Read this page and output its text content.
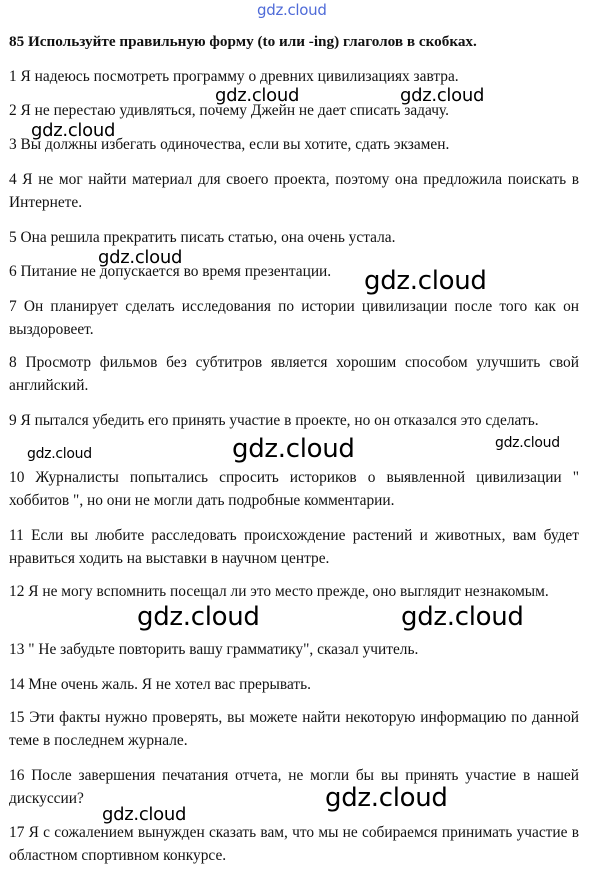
85 Используйте правильную форму (to или -ing) глаголов в скобках.
1 Я надеюсь посмотреть программу о древних цивилизациях завтра.
2 Я не перестаю удивляться, почему Джейн не дает списать задачу.
3 Вы должны избегать одиночества, если вы хотите, сдать экзамен.
4 Я не мог найти материал для своего проекта, поэтому она предложила поискать в Интернете.
5 Она решила прекратить писать статью, она очень устала.
6 Питание не допускается во время презентации.
7 Он планирует сделать исследования по истории цивилизации после того как он выздоровеет.
8 Просмотр фильмов без субтитров является хорошим способом улучшить свой английский.
9 Я пытался убедить его принять участие в проекте, но он отказался это сделать.
10 Журналисты попытались спросить историков о выявленной цивилизации " хоббитов ", но они не могли дать подробные комментарии.
11 Если вы любите расследовать происхождение растений и животных, вам будет нравиться ходить на выставки в научном центре.
12 Я не могу вспомнить посещал ли это место прежде, оно выглядит незнакомым.
13 " Не забудьте повторить вашу грамматику", сказал учитель.
14 Мне очень жаль. Я не хотел вас прерывать.
15 Эти факты нужно проверять, вы можете найти некоторую информацию по данной теме в последнем журнале.
16 После завершения печатания отчета, не могли бы вы принять участие в нашей дискуссии?
17 Я с сожалением вынужден сказать вам, что мы не собираемся принимать участие в областном спортивном конкурсе.
gdz.cloud
gdz.cloud	gdz.cloud
gdz.cloud
gdz.cloud
gdz.cloud
gdz.cloud	gdz.cloud	gdz.cloud
gdz.cloud	gdz.cloud
gdz.cloud
gdz.cloud
